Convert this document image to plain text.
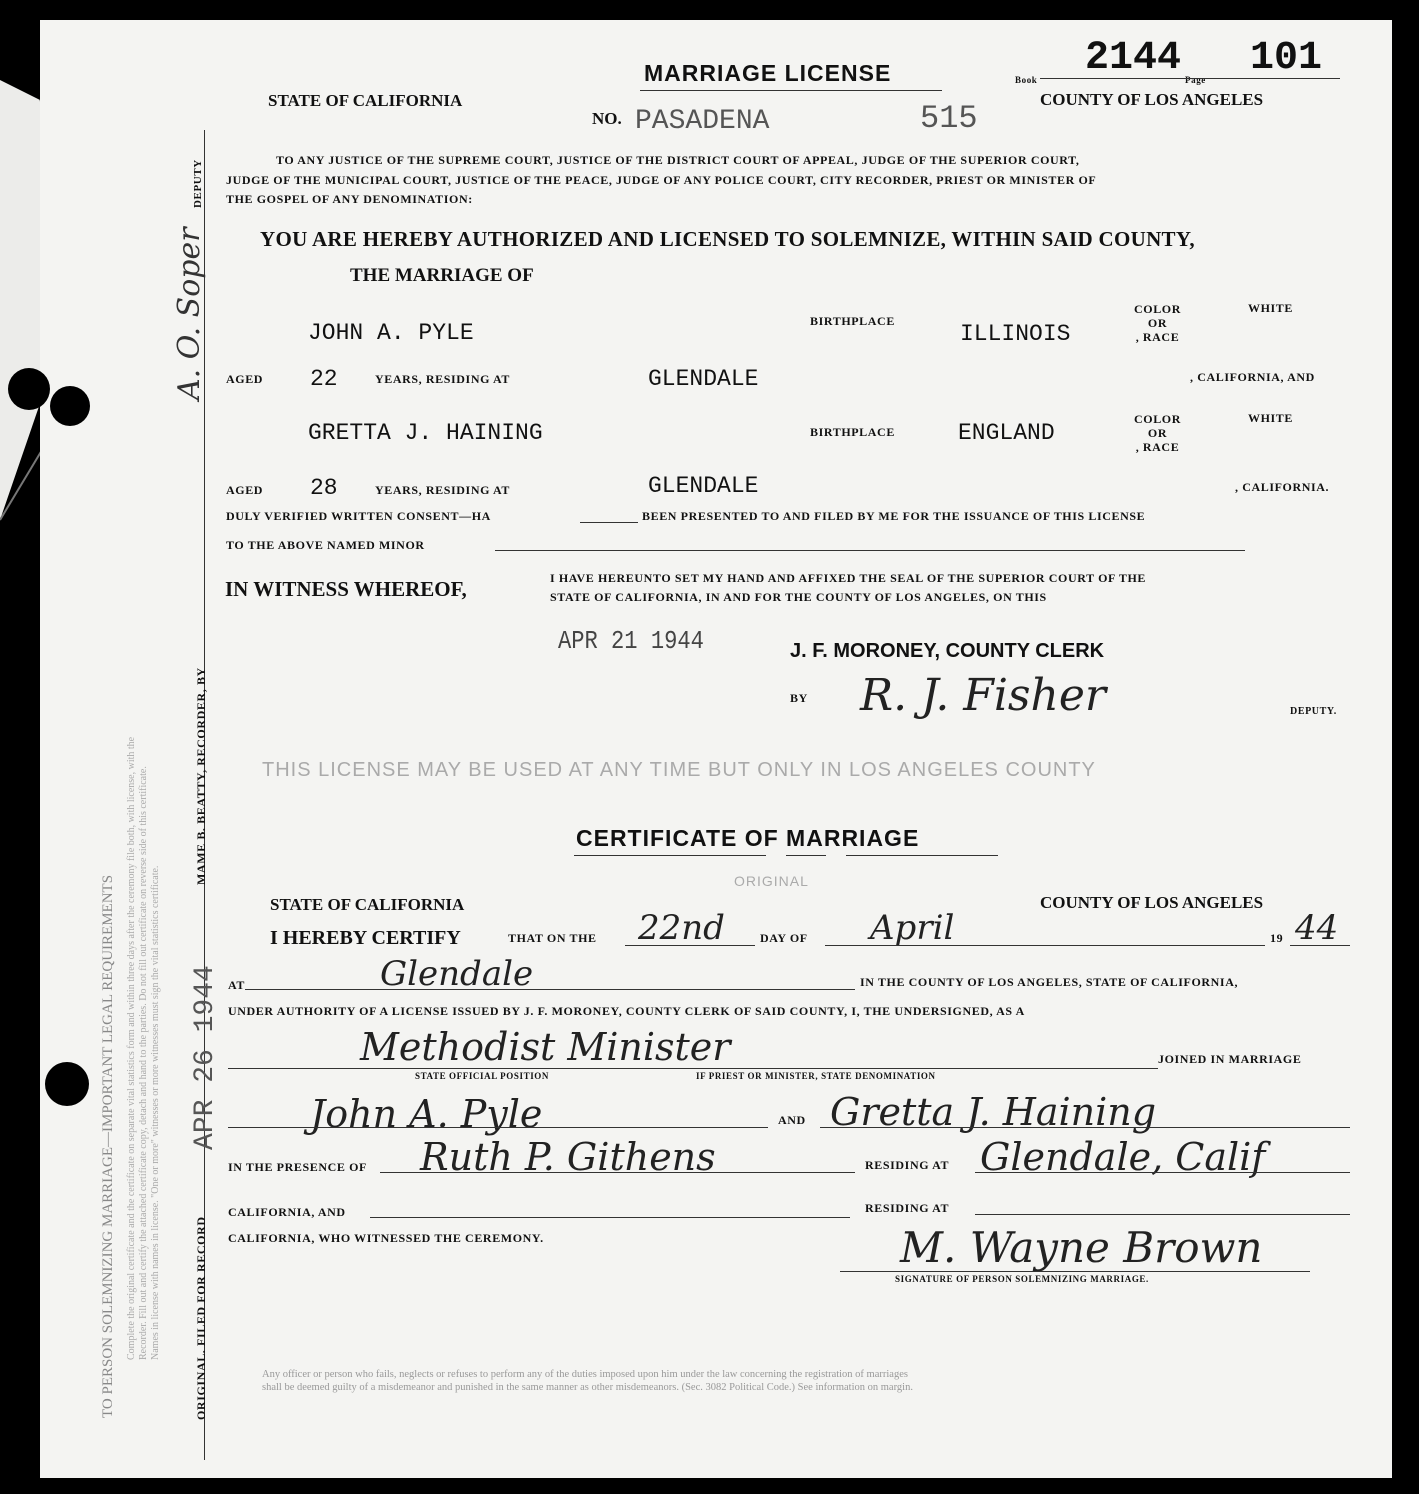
MARRIAGE LICENSE
STATE OF CALIFORNIA
Book 2144 Page 101
COUNTY OF LOS ANGELES
NO. PASADENA	515
TO ANY JUSTICE OF THE SUPREME COURT, JUSTICE OF THE DISTRICT COURT OF APPEAL, JUDGE OF THE SUPERIOR COURT,
JUDGE OF THE MUNICIPAL COURT, JUSTICE OF THE PEACE, JUDGE OF ANY POLICE COURT, CITY RECORDER, PRIEST OR MINISTER OF
THE GOSPEL OF ANY DENOMINATION:
YOU ARE HEREBY AUTHORIZED AND LICENSED TO SOLEMNIZE, WITHIN SAID COUNTY,
THE MARRIAGE OF
JOHN A. PYLE	BIRTHPLACE	ILLINOIS
COLOR
OR
, RACE
WHITE
AGED 22	YEARS, RESIDING AT	GLENDALE	, CALIFORNIA, AND
GRETTA J. HAINING	BIRTHPLACE	ENGLAND
COLOR
OR
, RACE
WHITE
AGED 28	YEARS, RESIDING AT	GLENDALE	, CALIFORNIA.
DULY VERIFIED WRITTEN CONSENT—HA	BEEN PRESENTED TO AND FILED BY ME FOR THE ISSUANCE OF THIS LICENSE
TO THE ABOVE NAMED MINOR
IN WITNESS WHEREOF,	I HAVE HEREUNTO SET MY HAND AND AFFIXED THE SEAL OF THE SUPERIOR COURT OF THE
STATE OF CALIFORNIA, IN AND FOR THE COUNTY OF LOS ANGELES, ON THIS
APR 21 1944	J. F. MORONEY, COUNTY CLERK
BY R. J. Fisher	DEPUTY.
THIS LICENSE MAY BE USED AT ANY TIME BUT ONLY IN LOS ANGELES COUNTY
CERTIFICATE OF MARRIAGE
ORIGINAL
STATE OF CALIFORNIA	COUNTY OF LOS ANGELES
I HEREBY CERTIFY	THAT ON THE 22nd	DAY OF April	19 44
AT	Glendale	IN THE COUNTY OF LOS ANGELES, STATE OF CALIFORNIA,
UNDER AUTHORITY OF A LICENSE ISSUED BY J. F. MORONEY, COUNTY CLERK OF SAID COUNTY, I, THE UNDERSIGNED, AS A
Methodist Minister	JOINED IN MARRIAGE
STATE OFFICIAL POSITION	IF PRIEST OR MINISTER, STATE DENOMINATION
John A. Pyle	AND Gretta J. Haining
IN THE PRESENCE OF Ruth P. Githens	RESIDING AT Glendale, Calif
CALIFORNIA, AND	RESIDING AT
CALIFORNIA, WHO WITNESSED THE CEREMONY.	M. Wayne Brown
SIGNATURE OF PERSON SOLEMNIZING MARRIAGE.
Any officer or person who fails, neglects or refuses to perform any of the duties imposed upon him under the law concerning the registration of marriages
shall be deemed guilty of a misdemeanor and punished in the same manner as other misdemeanors. (Sec. 3082 Political Code.) See information on margin.
DEPUTY
A. O. Soper
MAME B. BEATTY, RECORDER, BY
APR 26 1944
ORIGINAL. FILED FOR RECORD
TO PERSON SOLEMNIZING MARRIAGE—IMPORTANT LEGAL REQUIREMENTS Complete the original certificate and the certificate on separate vital statistics form and within three days after the ceremony file both, with license, with the Recorder. Fill out and certify the attached certificate copy, detach and hand to the parties. Do not fill out certificate on reverse side of this certificate. Names in license with names in license. "One or more" witnesses or more witnesses must sign the vital statistics certificate.
